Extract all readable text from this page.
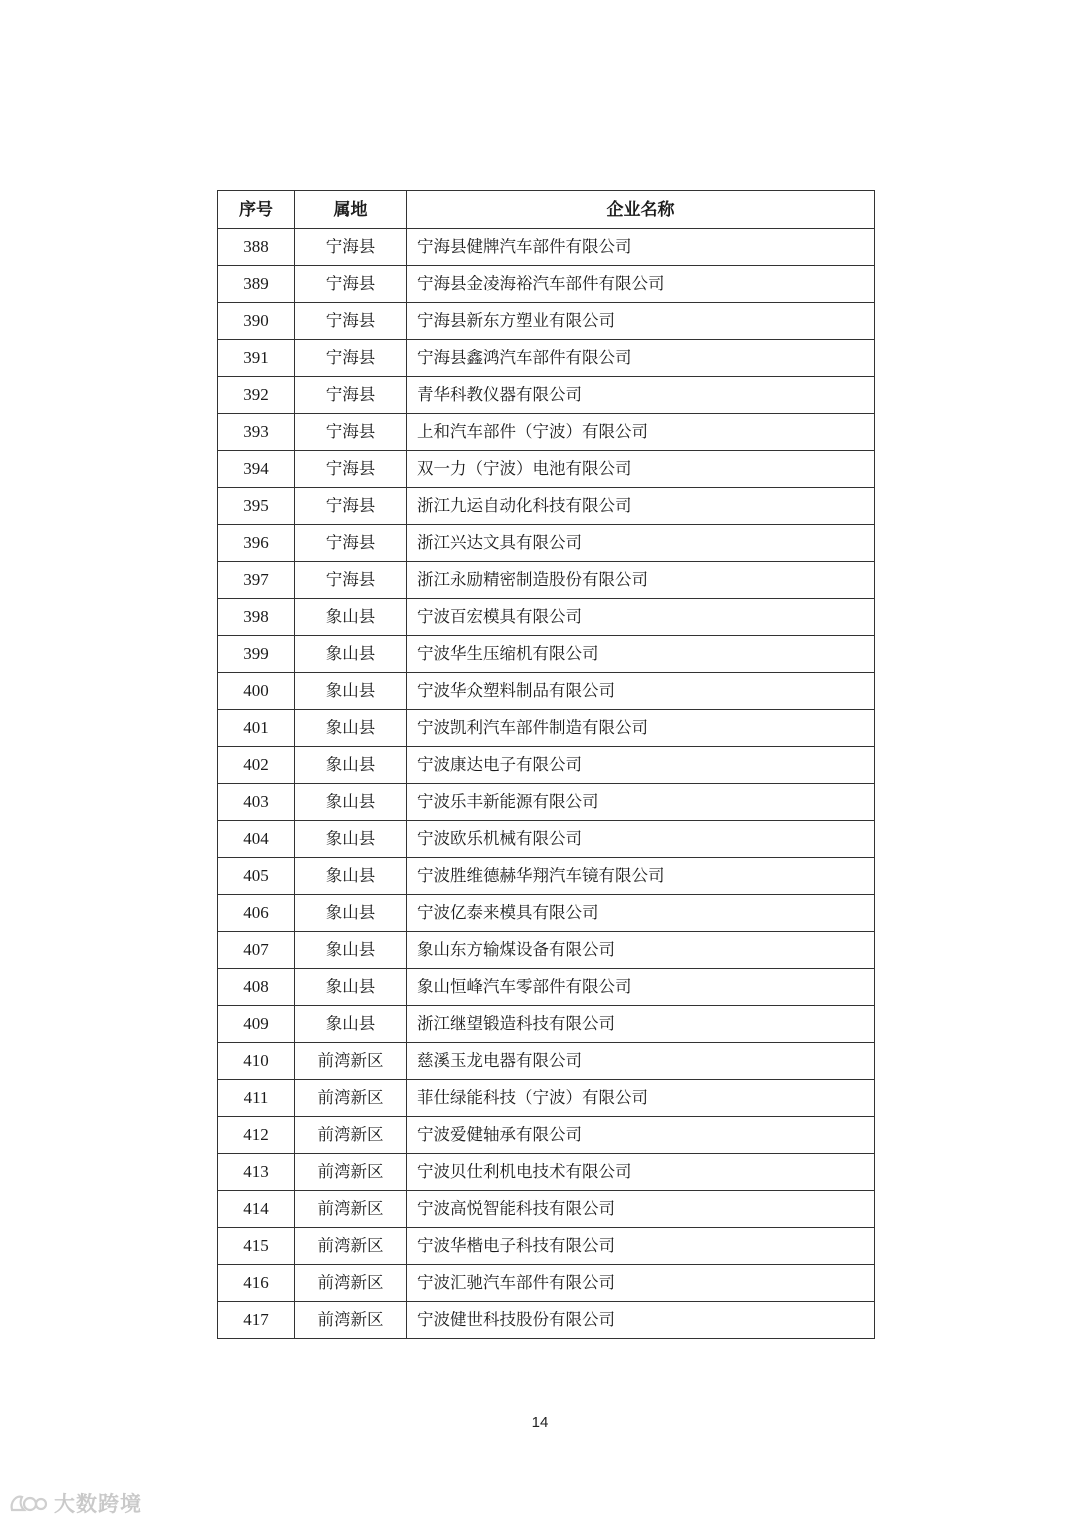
序号	属地	企业名称
388	宁海县	宁海县健牌汽车部件有限公司
389	宁海县	宁海县金凌海裕汽车部件有限公司
390	宁海县	宁海县新东方塑业有限公司
391	宁海县	宁海县鑫鸿汽车部件有限公司
392	宁海县	青华科教仪器有限公司
393	宁海县	上和汽车部件（宁波）有限公司
394	宁海县	双一力（宁波）电池有限公司
395	宁海县	浙江九运自动化科技有限公司
396	宁海县	浙江兴达文具有限公司
397	宁海县	浙江永励精密制造股份有限公司
398	象山县	宁波百宏模具有限公司
399	象山县	宁波华生压缩机有限公司
400	象山县	宁波华众塑料制品有限公司
401	象山县	宁波凯利汽车部件制造有限公司
402	象山县	宁波康达电子有限公司
403	象山县	宁波乐丰新能源有限公司
404	象山县	宁波欧乐机械有限公司
405	象山县	宁波胜维德赫华翔汽车镜有限公司
406	象山县	宁波亿泰来模具有限公司
407	象山县	象山东方输煤设备有限公司
408	象山县	象山恒峰汽车零部件有限公司
409	象山县	浙江继望锻造科技有限公司
410	前湾新区	慈溪玉龙电器有限公司
411	前湾新区	菲仕绿能科技（宁波）有限公司
412	前湾新区	宁波爱健轴承有限公司
413	前湾新区	宁波贝仕利机电技术有限公司
414	前湾新区	宁波高悦智能科技有限公司
415	前湾新区	宁波华楷电子科技有限公司
416	前湾新区	宁波汇驰汽车部件有限公司
417	前湾新区	宁波健世科技股份有限公司
14
大数跨境
